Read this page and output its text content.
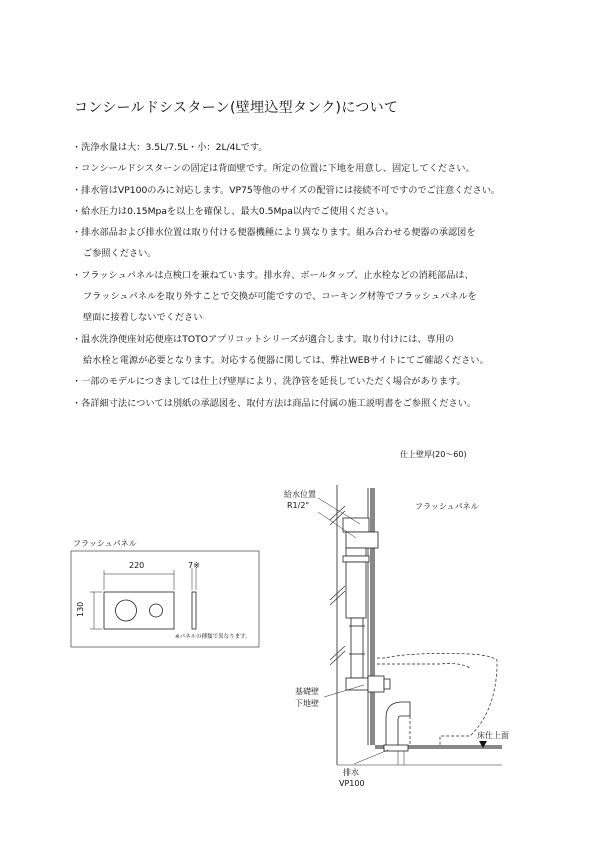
コンシールドシスターン(壁埋込型タンク)について
・洗浄水量は大：3.5L/7.5L・小：2L/4Lです。
・コンシールドシスターンの固定は背面壁です。所定の位置に下地を用意し、固定してください。
・排水管はVP100のみに対応します。VP75等他のサイズの配管には接続不可ですのでご注意ください。
・給水圧力は0.15Mpaを以上を確保し、最大0.5Mpa以内でご使用ください。
・排水部品および排水位置は取り付ける便器機種により異なります。組み合わせる便器の承認図を
ご参照ください。
・フラッシュパネルは点検口を兼ねています。排水弁、ボールタップ、止水栓などの消耗部品は、
フラッシュパネルを取り外すことで交換が可能ですので、コーキング材等でフラッシュパネルを
壁面に接着しないでください
・温水洗浄便座対応便座はTOTOアプリコットシリーズが適合します。取り付けには、専用の
給水栓と電源が必要となります。対応する便器に関しては、弊社WEBサイトにてご確認ください。
・一部のモデルにつきましては仕上げ壁厚により、洗浄管を延長していただく場合があります。
・各詳細寸法については別紙の承認図を、取付方法は商品に付属の施工説明書をご参照ください。
フラッシュパネル
220	7※
130
※パネルの種類で異なります。
仕上壁厚(20〜60)
フラッシュパネル
給水位置
R1/2"
基礎壁
下地壁
床仕上面
排水
VP100
